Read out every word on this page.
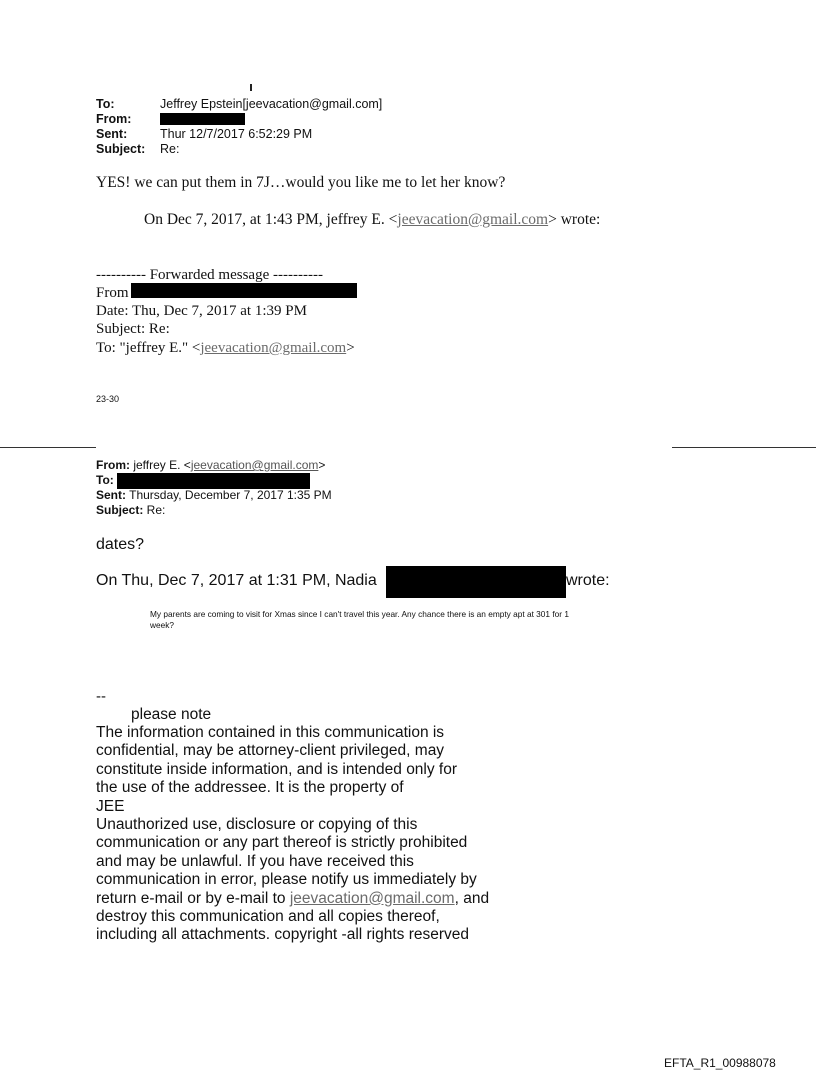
To:	Jeffrey Epstein[jeevacation@gmail.com]
From:
Sent:	Thur 12/7/2017 6:52:29 PM
Subject: Re:
YES! we can put them in 7J…would you like me to let her know?
On Dec 7, 2017, at 1:43 PM, jeffrey E. <jeevacation@gmail.com> wrote:
---------- Forwarded message ----------
From
Date: Thu, Dec 7, 2017 at 1:39 PM
Subject: Re:
To: "jeffrey E." <jeevacation@gmail.com>
23-30
From: jeffrey E. <jeevacation@gmail.com>
To:
Sent: Thursday, December 7, 2017 1:35 PM
Subject: Re:
dates?
On Thu, Dec 7, 2017 at 1:31 PM, Nadia	wrote:
My parents are coming to visit for Xmas since I can't travel this year. Any chance there is an empty apt at 301 for 1
week?
--
please note
The information contained in this communication is
confidential, may be attorney-client privileged, may
constitute inside information, and is intended only for
the use of the addressee. It is the property of
JEE
Unauthorized use, disclosure or copying of this
communication or any part thereof is strictly prohibited
and may be unlawful. If you have received this
communication in error, please notify us immediately by
return e-mail or by e-mail to jeevacation@gmail.com, and
destroy this communication and all copies thereof,
including all attachments. copyright -all rights reserved
EFTA_R1_00988078
